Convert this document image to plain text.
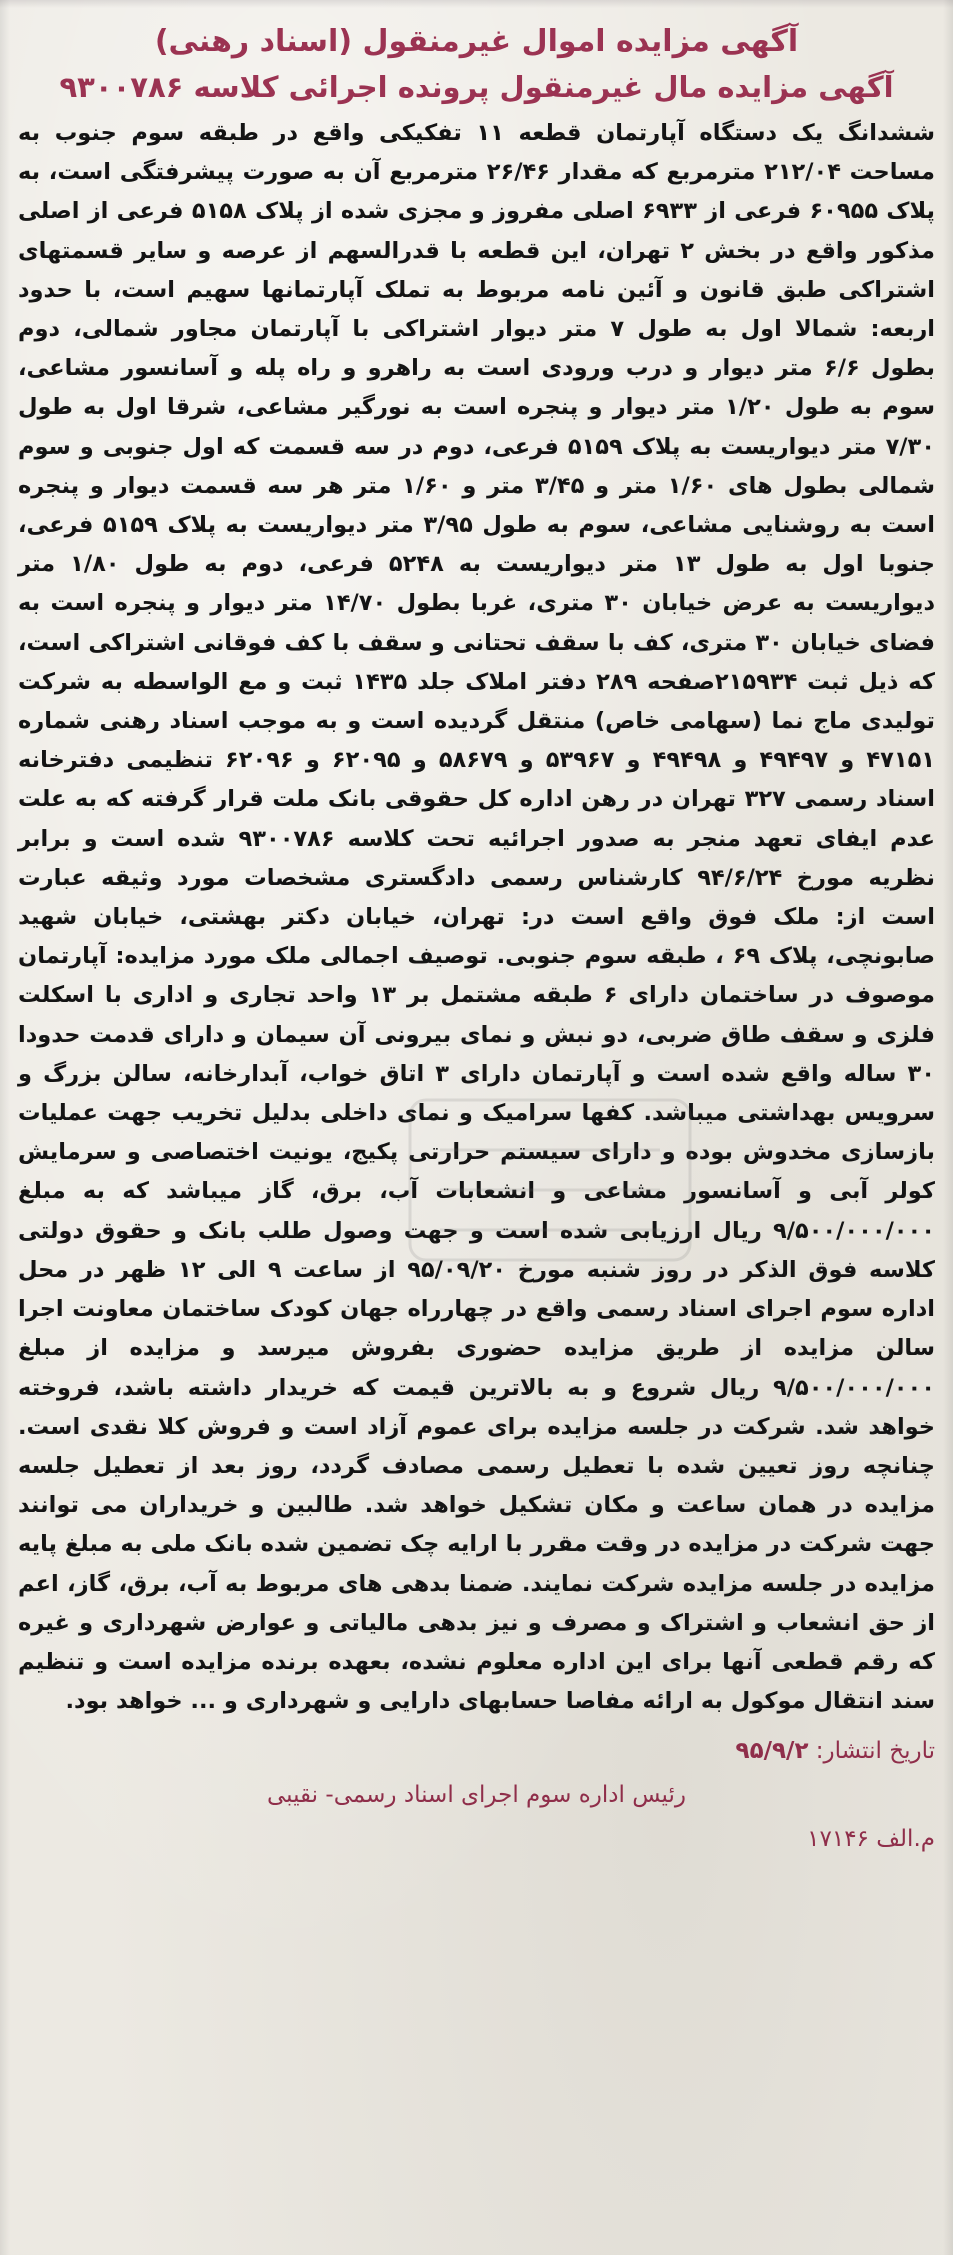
آگهی مزایده اموال غیرمنقول (اسناد رهنی)
آگهی مزایده مال غیرمنقول پرونده اجرائی کلاسه ۹۳۰۰۷۸۶
ششدانگ یک دستگاه آپارتمان قطعه ۱۱ تفکیکی واقع در طبقه سوم جنوب به مساحت ۲۱۲/۰۴ مترمربع که مقدار ۲۶/۴۶ مترمربع آن به صورت پیشرفتگی است، به پلاک ۶۰۹۵۵ فرعی از ۶۹۳۳ اصلی مفروز و مجزی شده از پلاک ۵۱۵۸ فرعی از اصلی مذکور واقع در بخش ۲ تهران، این قطعه با قدرالسهم از عرصه و سایر قسمتهای اشتراکی طبق قانون و آئین نامه مربوط به تملک آپارتمانها سهیم است، با حدود اربعه: شمالا اول به طول ۷ متر دیوار اشتراکی با آپارتمان مجاور شمالی، دوم بطول ۶/۶ متر دیوار و درب ورودی است به راهرو و راه پله و آسانسور مشاعی، سوم به طول ۱/۲۰ متر دیوار و پنجره است به نورگیر مشاعی، شرقا اول به طول ۷/۳۰ متر دیواریست به پلاک ۵۱۵۹ فرعی، دوم در سه قسمت که اول جنوبی و سوم شمالی بطول های ۱/۶۰ متر و ۳/۴۵ متر و ۱/۶۰ متر هر سه قسمت دیوار و پنجره است به روشنایی مشاعی، سوم به طول ۳/۹۵ متر دیواریست به پلاک ۵۱۵۹ فرعی، جنوبا اول به طول ۱۳ متر دیواریست به ۵۲۴۸ فرعی، دوم به طول ۱/۸۰ متر دیواریست به عرض خیابان ۳۰ متری، غربا بطول ۱۴/۷۰ متر دیوار و پنجره است به فضای خیابان ۳۰ متری، کف با سقف تحتانی و سقف با کف فوقانی اشتراکی است، که ذیل ثبت ۲۱۵۹۳۴صفحه ۲۸۹ دفتر املاک جلد ۱۴۳۵ ثبت و مع الواسطه به شرکت تولیدی ماج نما (سهامی خاص) منتقل گردیده است و به موجب اسناد رهنی شماره ۴۷۱۵۱ و ۴۹۴۹۷ و ۴۹۴۹۸ و ۵۳۹۶۷ و ۵۸۶۷۹ و ۶۲۰۹۵ و ۶۲۰۹۶ تنظیمی دفترخانه اسناد رسمی ۳۲۷ تهران در رهن اداره کل حقوقی بانک ملت قرار گرفته که به علت عدم ایفای تعهد منجر به صدور اجرائیه تحت کلاسه ۹۳۰۰۷۸۶ شده است و برابر نظریه مورخ ۹۴/۶/۲۴ کارشناس رسمی دادگستری مشخصات مورد وثیقه عبارت است از: ملک فوق واقع است در: تهران، خیابان دکتر بهشتی، خیابان شهید صابونچی، پلاک ۶۹ ، طبقه سوم جنوبی. توصیف اجمالی ملک مورد مزایده: آپارتمان موصوف در ساختمان دارای ۶ طبقه مشتمل بر ۱۳ واحد تجاری و اداری با اسکلت فلزی و سقف طاق ضربی، دو نبش و نمای بیرونی آن سیمان و دارای قدمت حدودا ۳۰ ساله واقع شده است و آپارتمان دارای ۳ اتاق خواب، آبدارخانه، سالن بزرگ و سرویس بهداشتی میباشد. کفها سرامیک و نمای داخلی بدلیل تخریب جهت عملیات بازسازی مخدوش بوده و دارای سیستم حرارتی پکیج، یونیت اختصاصی و سرمایش کولر آبی و آسانسور مشاعی و انشعابات آب، برق، گاز میباشد که به مبلغ ۹/۵۰۰/۰۰۰/۰۰۰ ریال ارزیابی شده است و جهت وصول طلب بانک و حقوق دولتی کلاسه فوق الذکر در روز شنبه مورخ ۹۵/۰۹/۲۰ از ساعت ۹ الی ۱۲ ظهر در محل اداره سوم اجرای اسناد رسمی واقع در چهارراه جهان کودک ساختمان معاونت اجرا سالن مزایده از طریق مزایده حضوری بفروش میرسد و مزایده از مبلغ ۹/۵۰۰/۰۰۰/۰۰۰ ریال شروع و به بالاترین قیمت که خریدار داشته باشد، فروخته خواهد شد. شرکت در جلسه مزایده برای عموم آزاد است و فروش کلا نقدی است. چنانچه روز تعیین شده با تعطیل رسمی مصادف گردد، روز بعد از تعطیل جلسه مزایده در همان ساعت و مکان تشکیل خواهد شد. طالبین و خریداران می توانند جهت شرکت در مزایده در وقت مقرر با ارایه چک تضمین شده بانک ملی به مبلغ پایه مزایده در جلسه مزایده شرکت نمایند. ضمنا بدهی های مربوط به آب، برق، گاز، اعم از حق انشعاب و اشتراک و مصرف و نیز بدهی مالیاتی و عوارض شهرداری و غیره که رقم قطعی آنها برای این اداره معلوم نشده، بعهده برنده مزایده است و تنظیم سند انتقال موکول به ارائه مفاصا حسابهای دارایی و شهرداری و ... خواهد بود.
تاریخ انتشار: ۹۵/۹/۲
رئیس اداره سوم اجرای اسناد رسمی- نقیبی
م.الف ۱۷۱۴۶
